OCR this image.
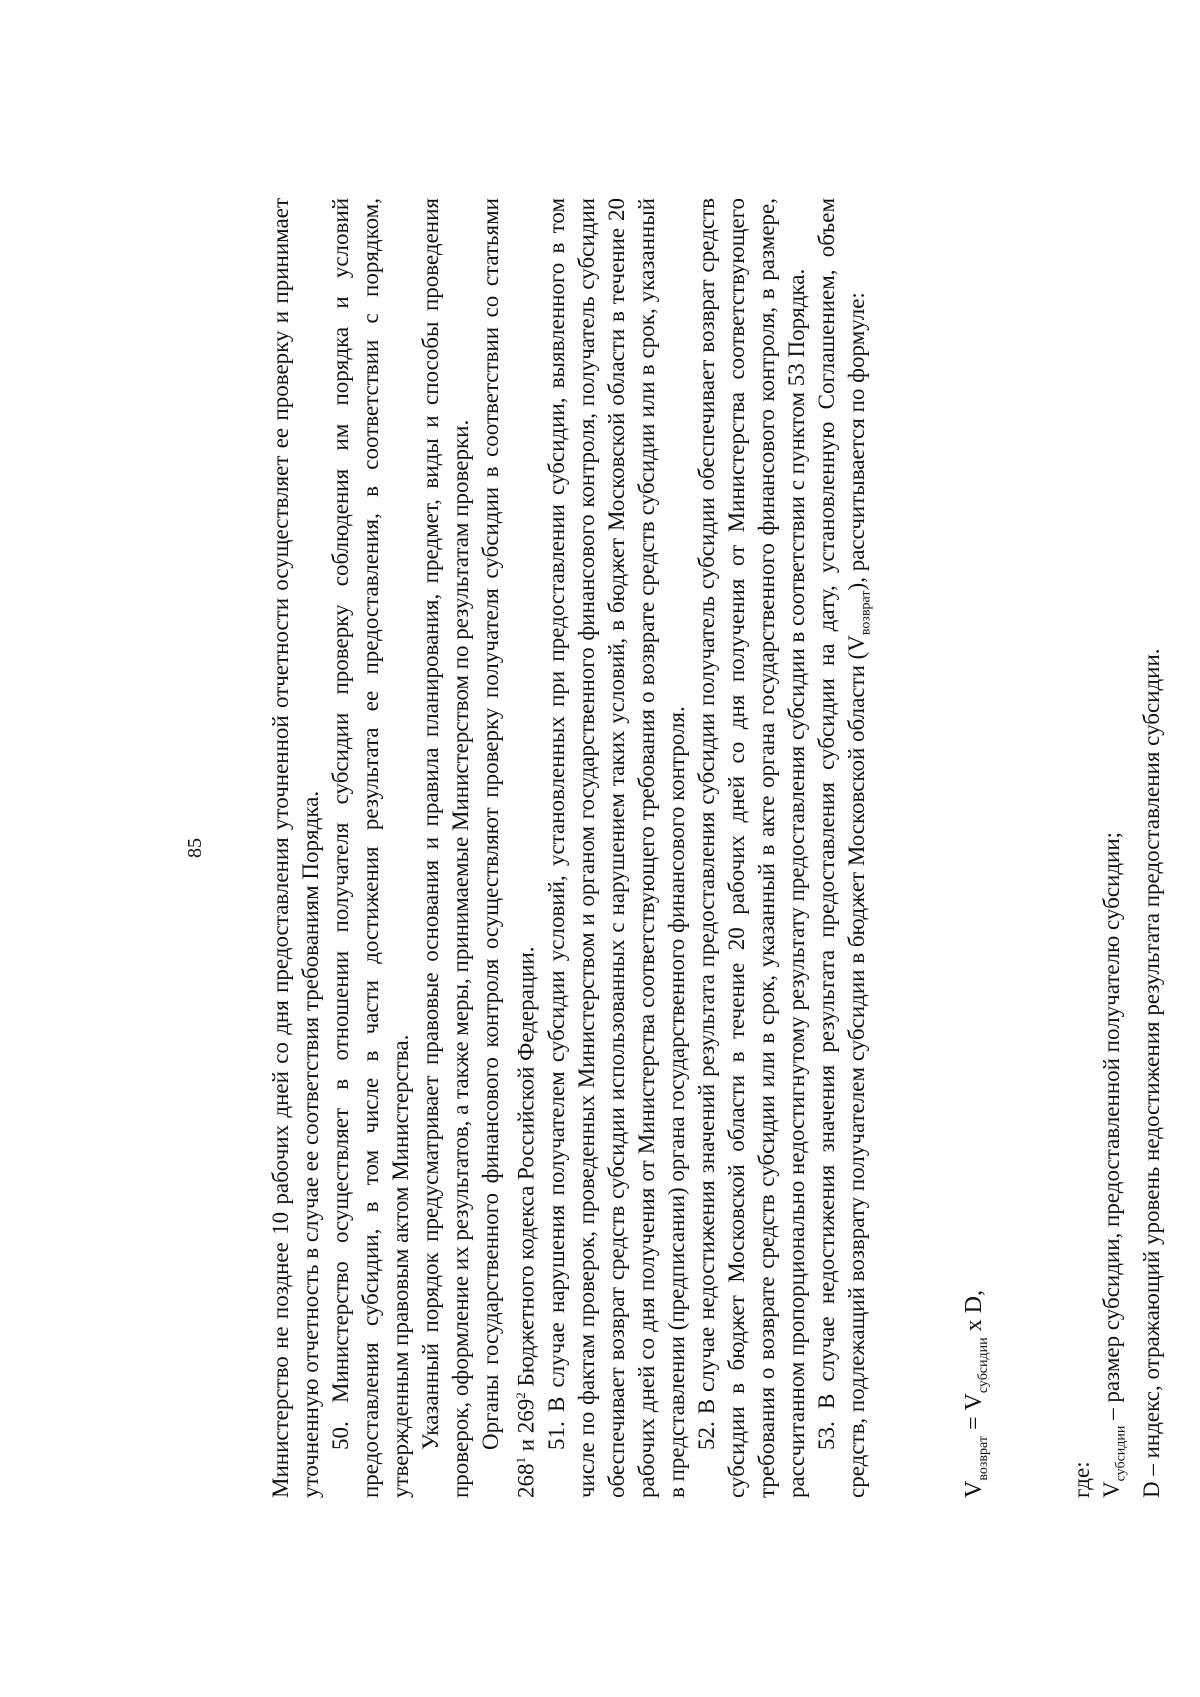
85	Министерство не позднее 10 рабочих дней со дня предоставления уточненной отчетности осуществляет ее проверку и принимает уточненную отчетность в случае ее соответствия требованиям Порядка. 50. Министерство осуществляет в отношении получателя субсидии проверку соблюдения им порядка и условий предоставления субсидии, в том числе в части достижения результата ее предоставления, в соответствии с порядком, утвержденным правовым актом Министерства. Указанный порядок предусматривает правовые основания и правила планирования, предмет, виды и способы проведения проверок, оформление их результатов, а также меры, принимаемые Министерством по результатам проверки. Органы государственного финансового контроля осуществляют проверку получателя субсидии в соответствии со статьями $268^1$ и $269^2$ Бюджетного кодекса Российской Федерации. 51. В случае нарушения получателем субсидии условий, установленных при предоставлении субсидии, выявленного в том числе по фактам проверок, проведенных Министерством и органом государственного финансового контроля, получатель субсидии обеспечивает возврат средств субсидии использованных с нарушением таких условий, в бюджет Московской области в течение 20 рабочих дней со дня получения от Министерства соответствующего требования о возврате средств субсидии или в срок, указанный в представлении (предписании) органа государственного финансового контроля. 52. В случае недостижения значений результата предоставления субсидии получатель субсидии обеспечивает возврат средств субсидии в бюджет Московской области в течение 20 рабочих дней со дня получения от Министерства соответствующего требования о возврате средств субсидии или в срок, указанный в акте органа государственного финансового контроля, в размере, рассчитанном пропорционально недостигнутому результату предоставления субсидии в соответствии с пунктом 53 Порядка. 53. В случае недостижения значения результата предоставления субсидии на дату, установленную Соглашением, объем средств, подлежащий возврату получателем субсидии в бюджет Московской области $(V_{возврат})$, рассчитывается по формуле:

$V_{возврат} = V_{субсидии}$ x D,

где: $V_{субсидии}$ – размер субсидии, предоставленной получателю субсидии; D – индекс, отражающий уровень недостижения результата предоставления субсидии.
